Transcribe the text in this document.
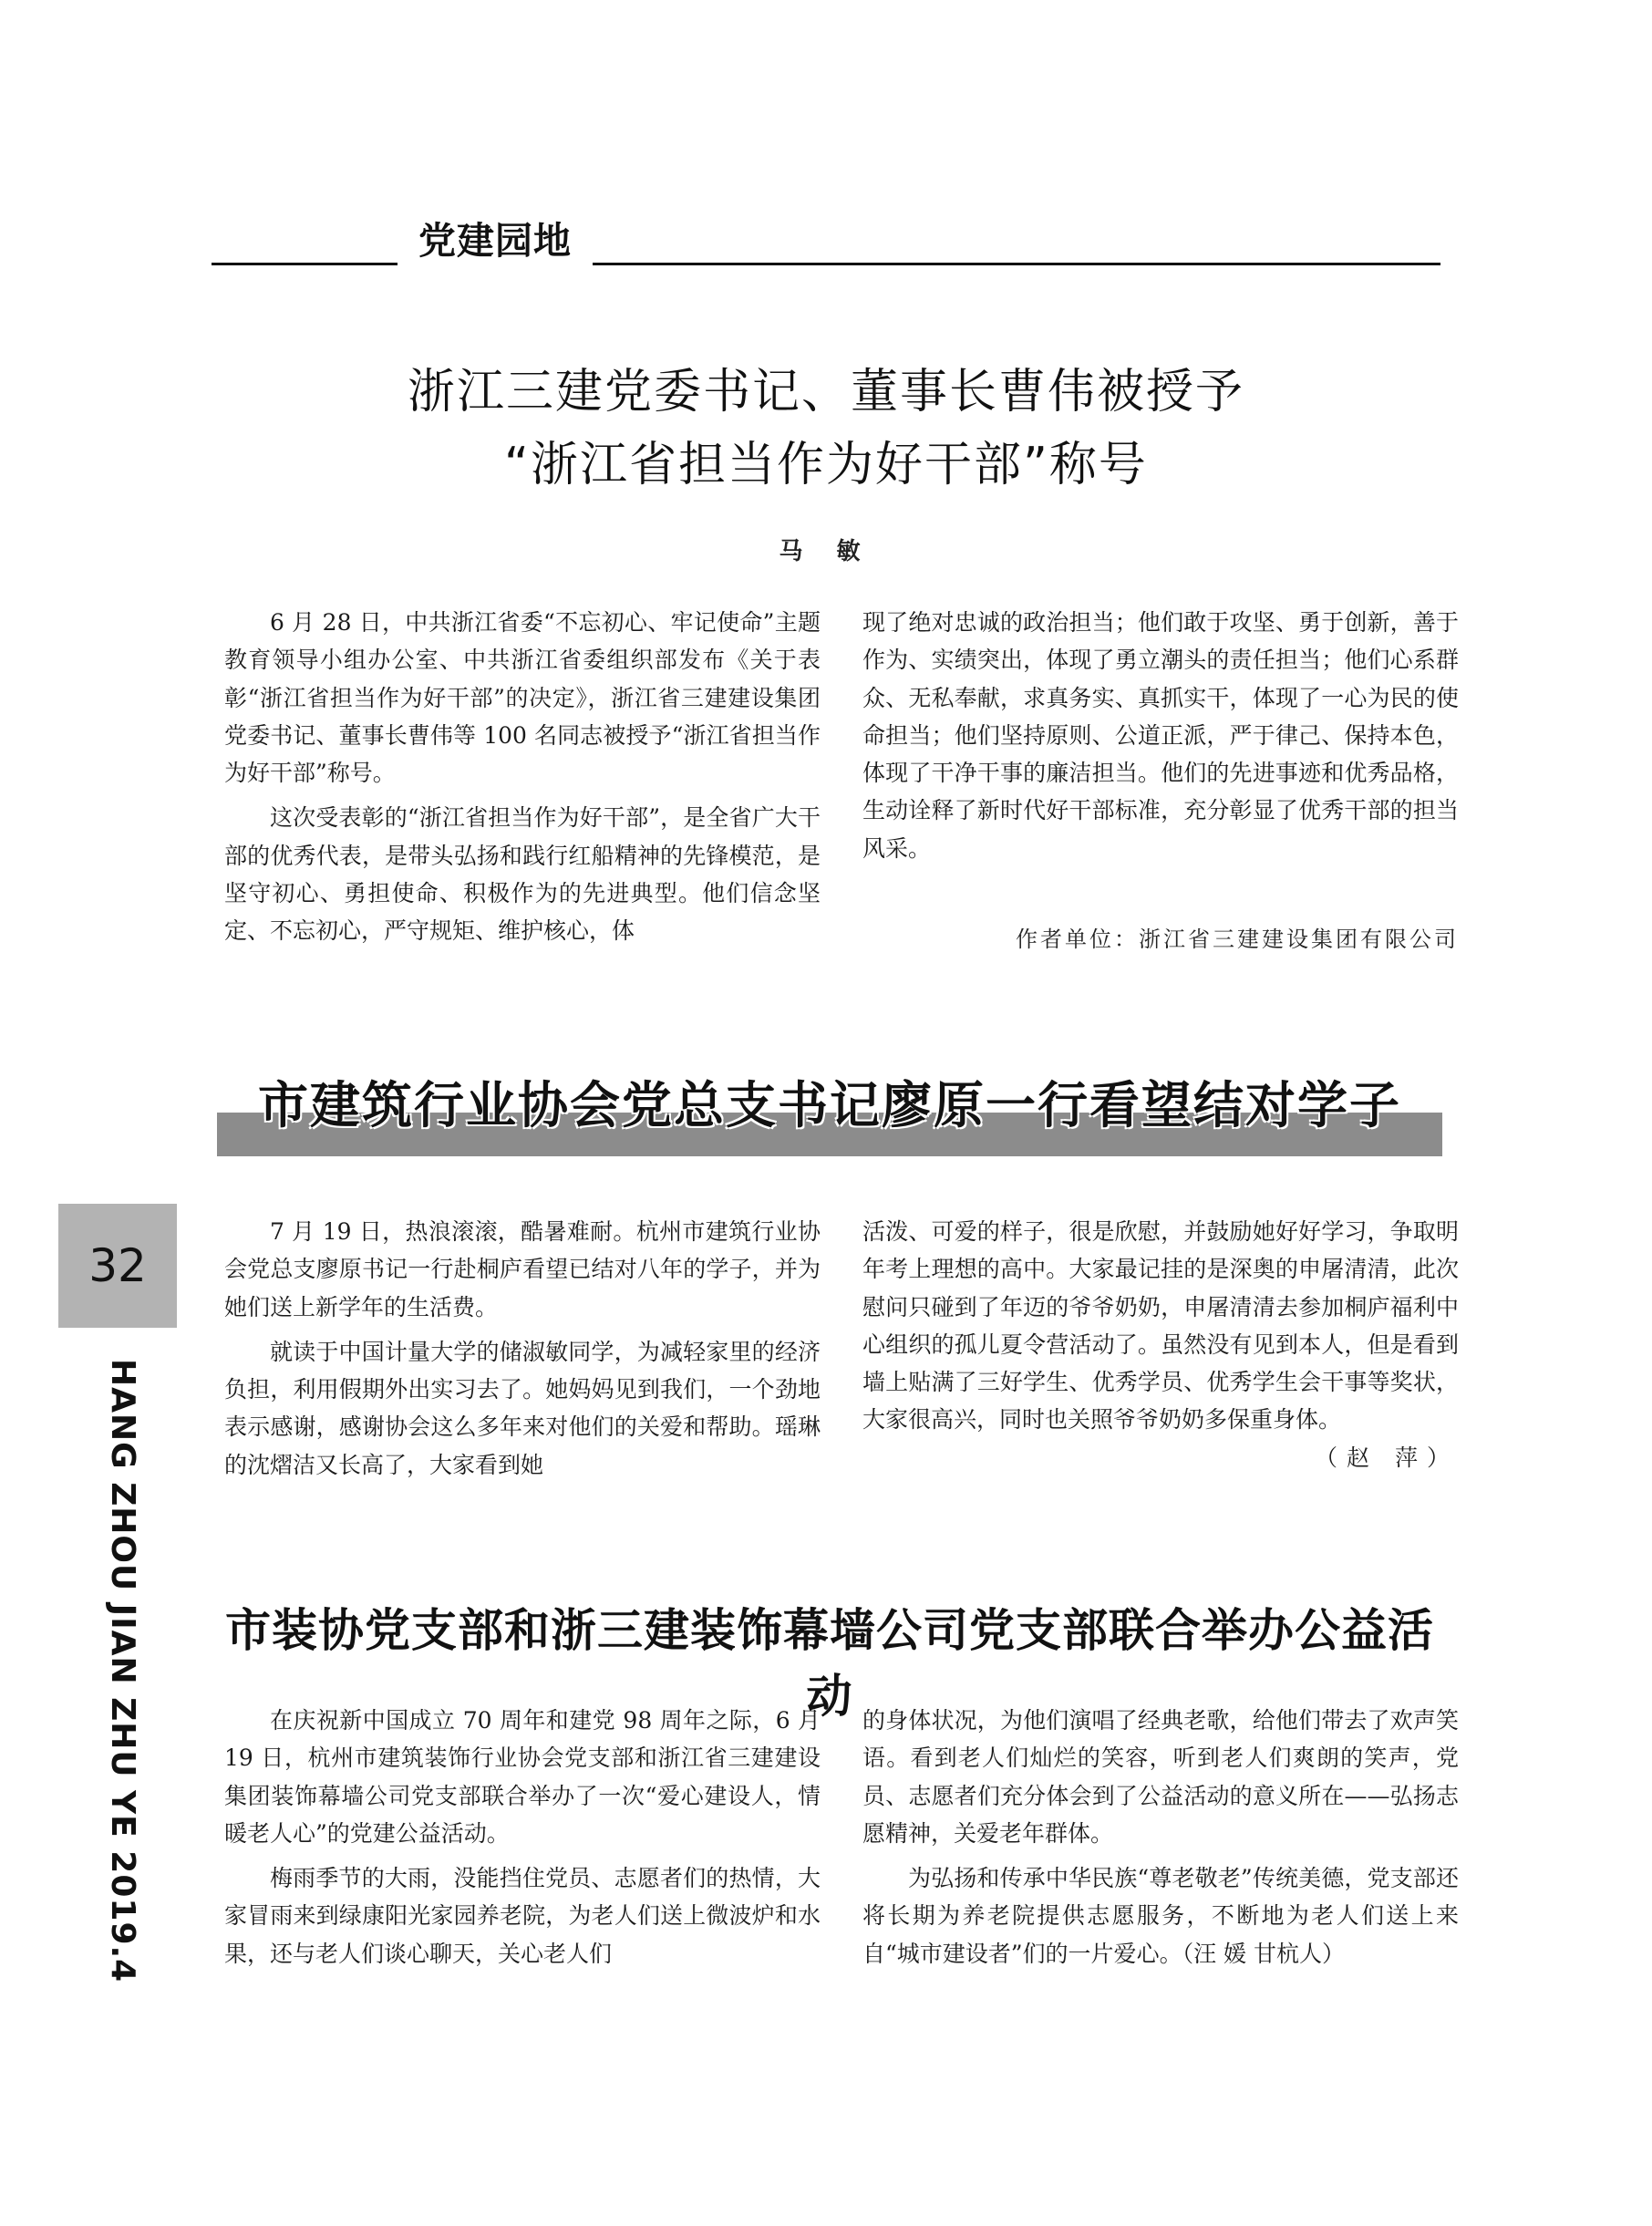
党建园地
浙江三建党委书记、董事长曹伟被授予
“浙江省担当作为好干部”称号
马 敏

6 月 28 日，中共浙江省委“不忘初心、牢记使命”主题教育领导小组办公室、中共浙江省委组织部发布《关于表彰“浙江省担当作为好干部”的决定》，浙江省三建建设集团党委书记、董事长曹伟等 100 名同志被授予“浙江省担当作为好干部”称号。

这次受表彰的“浙江省担当作为好干部”，是全省广大干部的优秀代表，是带头弘扬和践行红船精神的先锋模范，是坚守初心、勇担使命、积极作为的先进典型。他们信念坚定、不忘初心，严守规矩、维护核心，体

现了绝对忠诚的政治担当；他们敢于攻坚、勇于创新，善于作为、实绩突出，体现了勇立潮头的责任担当；他们心系群众、无私奉献，求真务实、真抓实干，体现了一心为民的使命担当；他们坚持原则、公道正派，严于律己、保持本色，体现了干净干事的廉洁担当。他们的先进事迹和优秀品格，生动诠释了新时代好干部标准，充分彰显了优秀干部的担当风采。

作者单位：浙江省三建建设集团有限公司
市建筑行业协会党总支书记廖原一行看望结对学子

7 月 19 日，热浪滚滚，酷暑难耐。杭州市建筑行业协会党总支廖原书记一行赴桐庐看望已结对八年的学子，并为她们送上新学年的生活费。

就读于中国计量大学的储淑敏同学，为减轻家里的经济负担，利用假期外出实习去了。她妈妈见到我们，一个劲地表示感谢，感谢协会这么多年来对他们的关爱和帮助。瑶琳的沈熠洁又长高了，大家看到她

活泼、可爱的样子，很是欣慰，并鼓励她好好学习，争取明年考上理想的高中。大家最记挂的是深奥的申屠清清，此次慰问只碰到了年迈的爷爷奶奶，申屠清清去参加桐庐福利中心组织的孤儿夏令营活动了。虽然没有见到本人，但是看到墙上贴满了三好学生、优秀学员、优秀学生会干事等奖状，大家很高兴，同时也关照爷爷奶奶多保重身体。
（赵 萍）

市装协党支部和浙三建装饰幕墙公司党支部联合举办公益活动

在庆祝新中国成立 70 周年和建党 98 周年之际，6 月 19 日，杭州市建筑装饰行业协会党支部和浙江省三建建设集团装饰幕墙公司党支部联合举办了一次“爱心建设人，情暖老人心”的党建公益活动。

梅雨季节的大雨，没能挡住党员、志愿者们的热情，大家冒雨来到绿康阳光家园养老院，为老人们送上微波炉和水果，还与老人们谈心聊天，关心老人们

的身体状况，为他们演唱了经典老歌，给他们带去了欢声笑语。看到老人们灿烂的笑容，听到老人们爽朗的笑声，党员、志愿者们充分体会到了公益活动的意义所在——弘扬志愿精神，关爱老年群体。

为弘扬和传承中华民族“尊老敬老”传统美德，党支部还将长期为养老院提供志愿服务，不断地为老人们送上来自“城市建设者”们的一片爱心。（汪 媛 甘杭人）

32
HANG ZHOU JIAN ZHU YE 2019.4
